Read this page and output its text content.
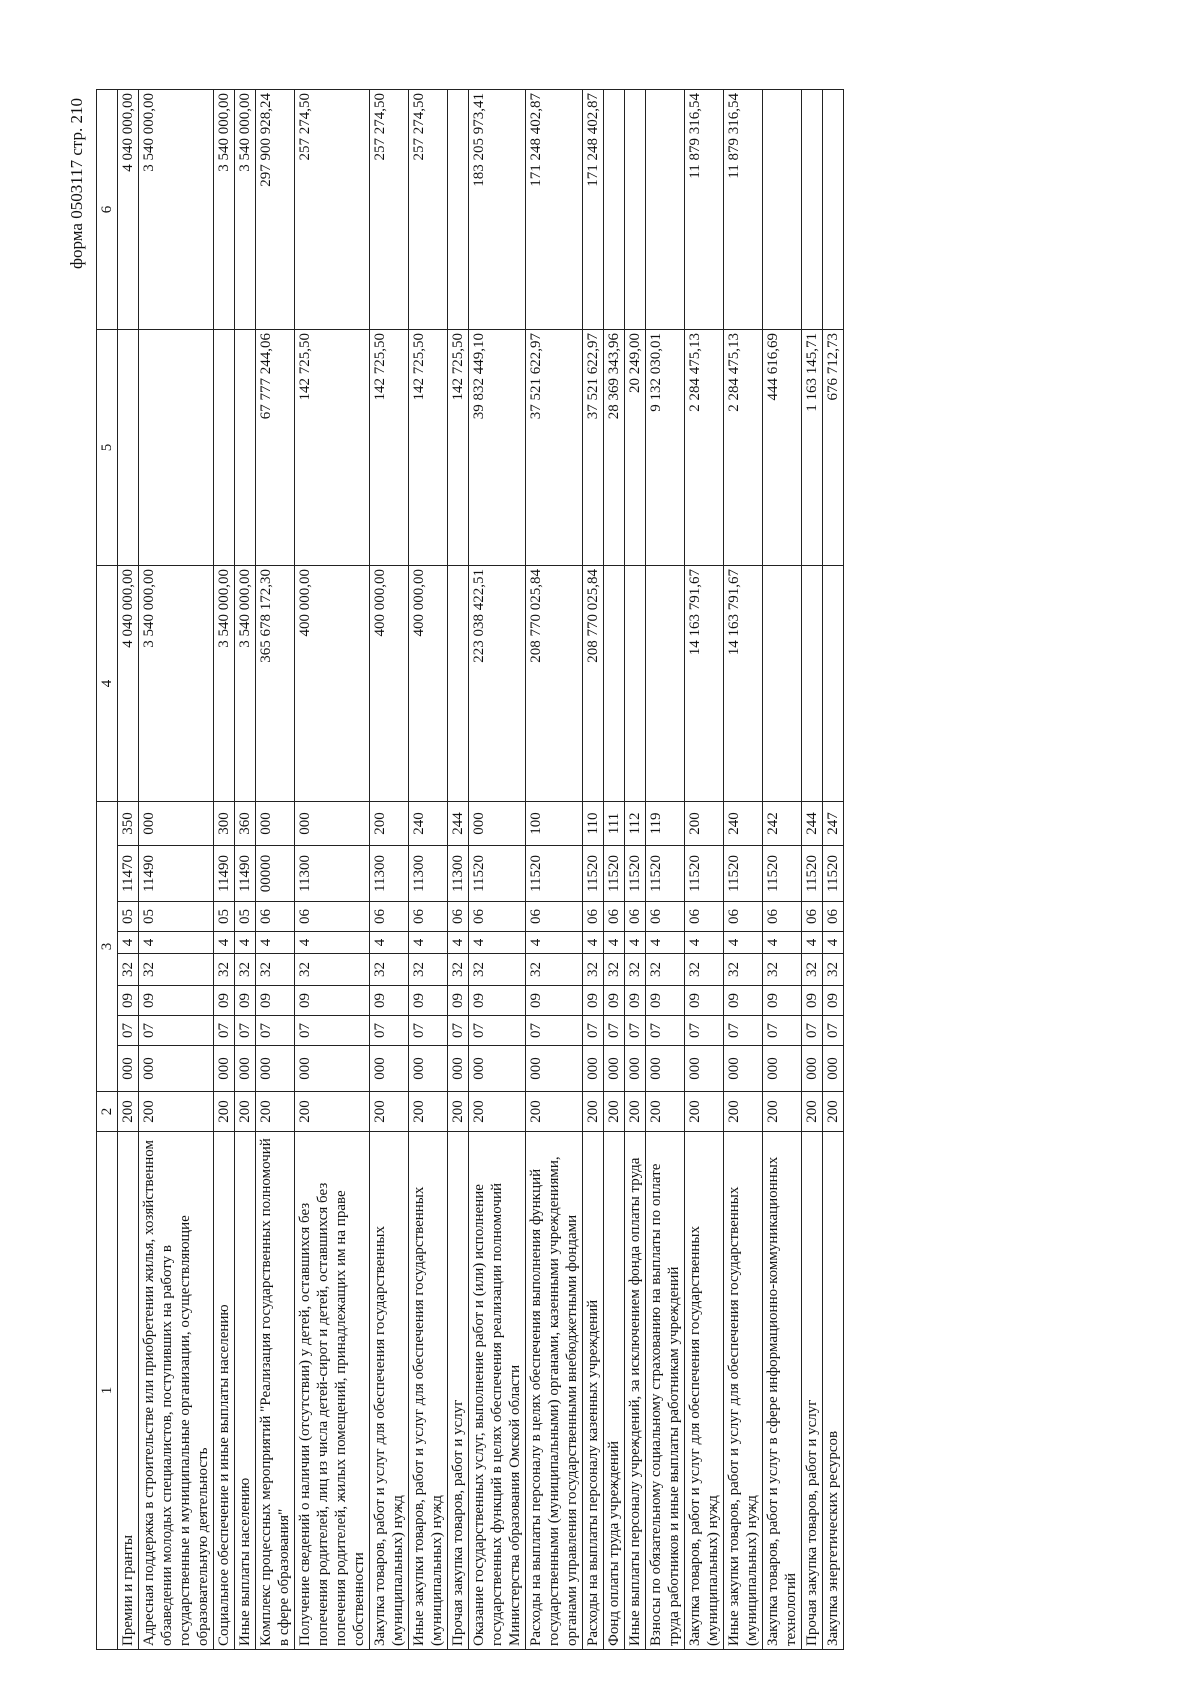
форма 0503117 стр. 210
1	2	3								4	5	6
Премии и гранты	200	000	07	09	32	4	05	11470	350	4 040 000,00		4 040 000,00
Адресная поддержка в строительстве или приобретении жилья, хозяйственном обзаведении молодых специалистов, поступивших на работу в государственные и муниципальные организации, осуществляющие образовательную деятельность	200	000	07	09	32	4	05	11490	000	3 540 000,00		3 540 000,00
Социальное обеспечение и иные выплаты населению	200	000	07	09	32	4	05	11490	300	3 540 000,00		3 540 000,00
Иные выплаты населению	200	000	07	09	32	4	05	11490	360	3 540 000,00		3 540 000,00
Комплекс процессных мероприятий "Реализация государственных полномочий в сфере образования"	200	000	07	09	32	4	06	00000	000	365 678 172,30	67 777 244,06	297 900 928,24
Получение сведений о наличии (отсутствии) у детей, оставшихся без попечения родителей, лиц из числа детей-сирот и детей, оставшихся без попечения родителей, жилых помещений, принадлежащих им на праве собственности	200	000	07	09	32	4	06	11300	000	400 000,00	142 725,50	257 274,50
Закупка товаров, работ и услуг для обеспечения государственных (муниципальных) нужд	200	000	07	09	32	4	06	11300	200	400 000,00	142 725,50	257 274,50
Иные закупки товаров, работ и услуг для обеспечения государственных (муниципальных) нужд	200	000	07	09	32	4	06	11300	240	400 000,00	142 725,50	257 274,50
Прочая закупка товаров, работ и услуг	200	000	07	09	32	4	06	11300	244		142 725,50	
Оказание государственных услуг, выполнение работ и (или) исполнение государственных функций в целях обеспечения реализации полномочий Министерства образования Омской области	200	000	07	09	32	4	06	11520	000	223 038 422,51	39 832 449,10	183 205 973,41
Расходы на выплаты персоналу в целях обеспечения выполнения функций государственными (муниципальными) органами, казенными учреждениями, органами управления государственными внебюджетными фондами	200	000	07	09	32	4	06	11520	100	208 770 025,84	37 521 622,97	171 248 402,87
Расходы на выплаты персоналу казенных учреждений	200	000	07	09	32	4	06	11520	110	208 770 025,84	37 521 622,97	171 248 402,87
Фонд оплаты труда учреждений	200	000	07	09	32	4	06	11520	111		28 369 343,96	
Иные выплаты персоналу учреждений, за исключением фонда оплаты труда	200	000	07	09	32	4	06	11520	112		20 249,00	
Взносы по обязательному социальному страхованию на выплаты по оплате труда работников и иные выплаты работникам учреждений	200	000	07	09	32	4	06	11520	119		9 132 030,01	
Закупка товаров, работ и услуг для обеспечения государственных (муниципальных) нужд	200	000	07	09	32	4	06	11520	200	14 163 791,67	2 284 475,13	11 879 316,54
Иные закупки товаров, работ и услуг для обеспечения государственных (муниципальных) нужд	200	000	07	09	32	4	06	11520	240	14 163 791,67	2 284 475,13	11 879 316,54
Закупка товаров, работ и услуг в сфере информационно-коммуникационных технологий	200	000	07	09	32	4	06	11520	242		444 616,69	
Прочая закупка товаров, работ и услуг	200	000	07	09	32	4	06	11520	244		1 163 145,71	
Закупка энергетических ресурсов	200	000	07	09	32	4	06	11520	247		676 712,73	
